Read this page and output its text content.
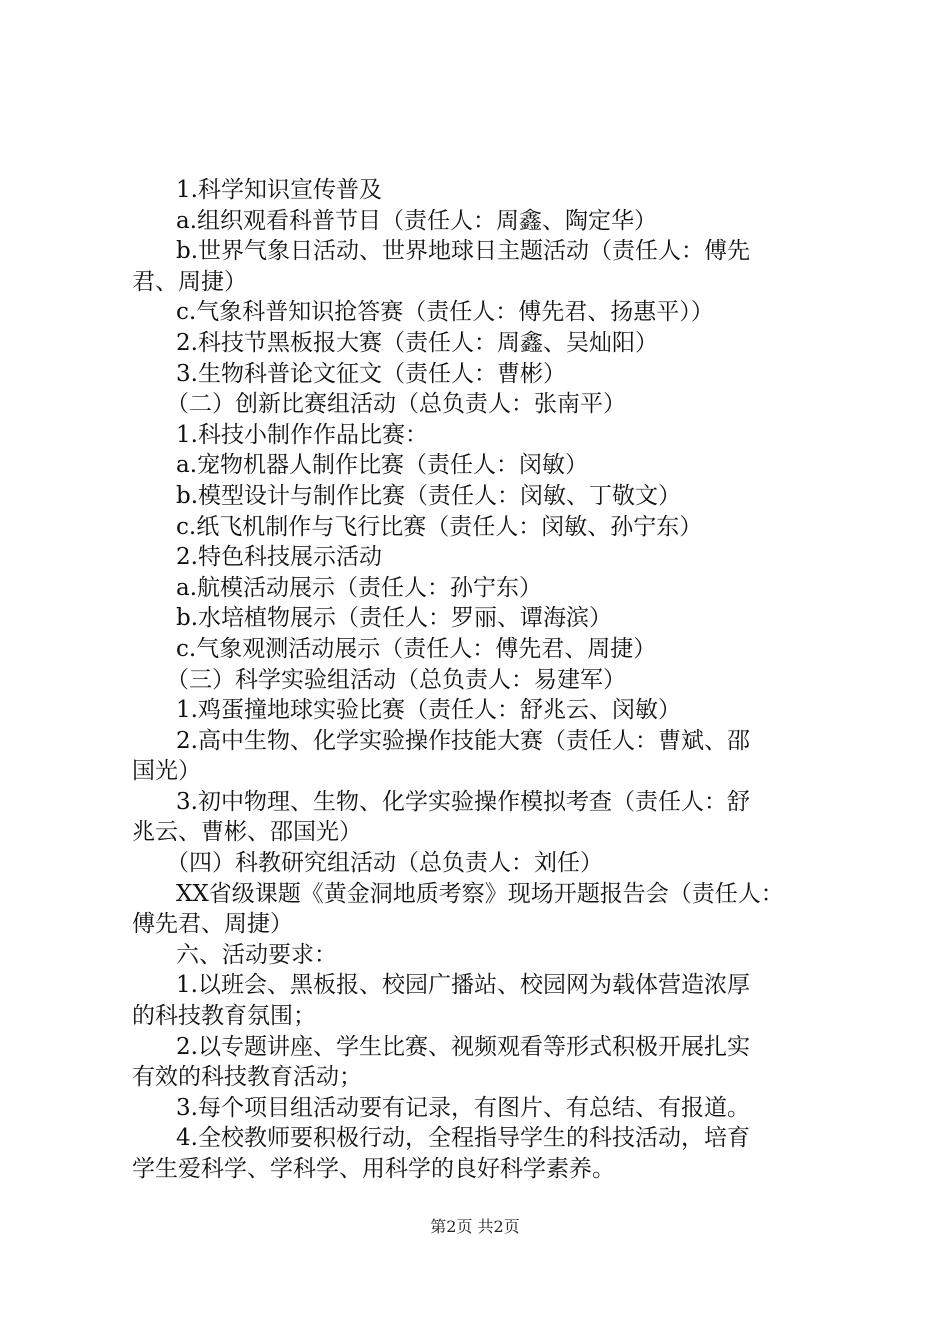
1.科学知识宣传普及
a.组织观看科普节目（责任人：周鑫、陶定华）
b.世界气象日活动、世界地球日主题活动（责任人：傅先
君、周捷）
c.气象科普知识抢答赛（责任人：傅先君、扬惠平））
2.科技节黑板报大赛（责任人：周鑫、吴灿阳）
3.生物科普论文征文（责任人：曹彬）
（二）创新比赛组活动（总负责人：张南平）
1.科技小制作作品比赛：
a.宠物机器人制作比赛（责任人：闵敏）
b.模型设计与制作比赛（责任人：闵敏、丁敬文）
c.纸飞机制作与飞行比赛（责任人：闵敏、孙宁东）
2.特色科技展示活动
a.航模活动展示（责任人：孙宁东）
b.水培植物展示（责任人：罗丽、谭海滨）
c.气象观测活动展示（责任人：傅先君、周捷）
（三）科学实验组活动（总负责人：易建军）
1.鸡蛋撞地球实验比赛（责任人：舒兆云、闵敏）
2.高中生物、化学实验操作技能大赛（责任人：曹斌、邵
国光）
3.初中物理、生物、化学实验操作模拟考查（责任人：舒
兆云、曹彬、邵国光）
（四）科教研究组活动（总负责人：刘任）
XX省级课题《黄金洞地质考察》现场开题报告会（责任人：
傅先君、周捷）
六、活动要求：
1.以班会、黑板报、校园广播站、校园网为载体营造浓厚
的科技教育氛围；
2.以专题讲座、学生比赛、视频观看等形式积极开展扎实
有效的科技教育活动；
3.每个项目组活动要有记录，有图片、有总结、有报道。
4.全校教师要积极行动，全程指导学生的科技活动，培育
学生爱科学、学科学、用科学的良好科学素养。
第2页 共2页
